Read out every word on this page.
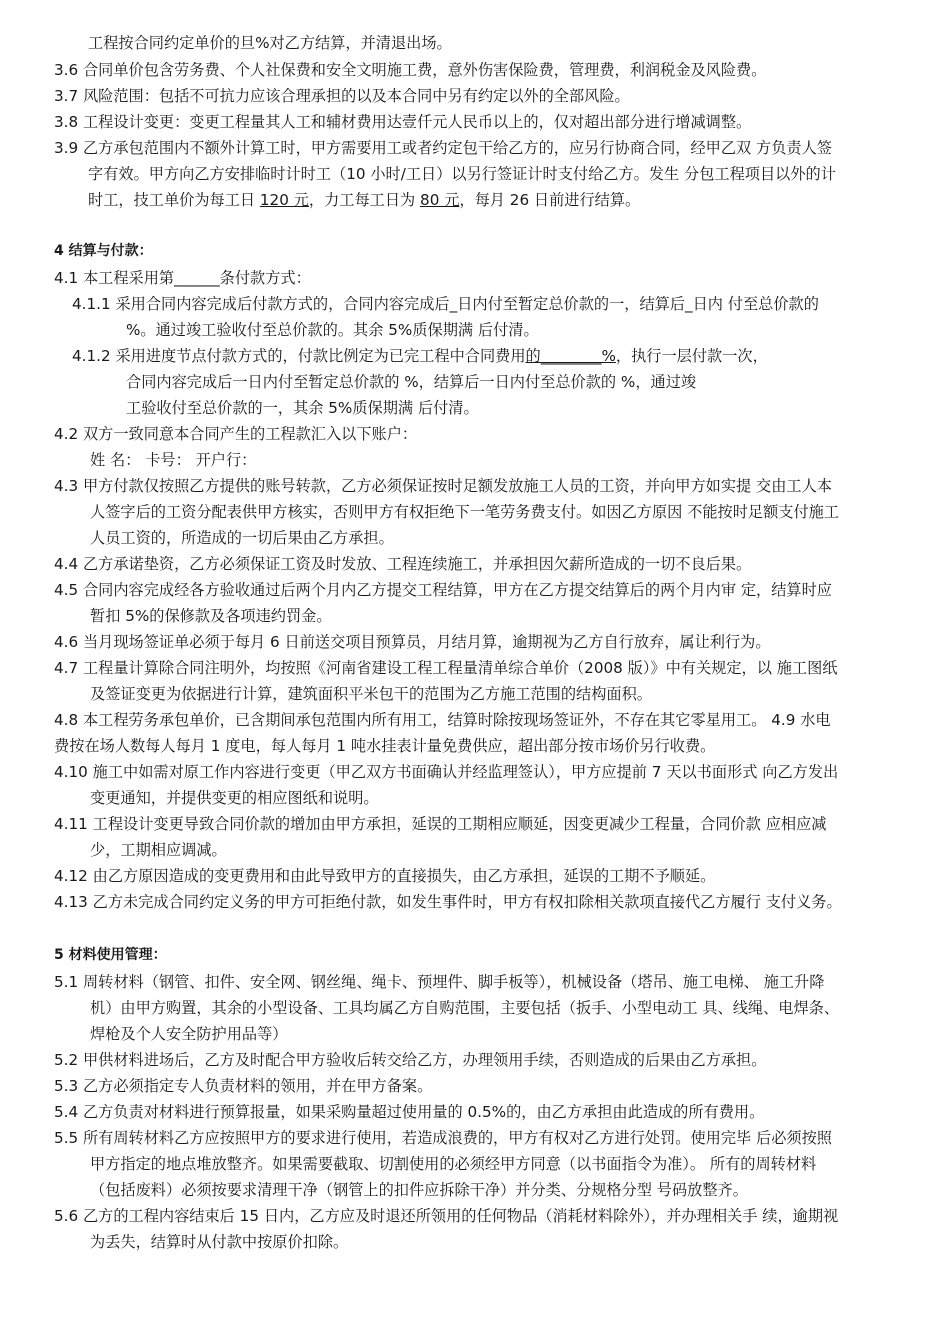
工程按合同约定单价的旦%对乙方结算，并清退出场。
3.6 合同单价包含劳务费、个人社保费和安全文明施工费，意外伤害保险费，管理费，利润税金及风险费。
3.7 风险范围：包括不可抗力应该合理承担的以及本合同中另有约定以外的全部风险。
3.8 工程设计变更：变更工程量其人工和辅材费用达壹仟元人民币以上的，仅对超出部分进行增减调整。
3.9 乙方承包范围内不额外计算工时，甲方需要用工或者约定包干给乙方的，应另行协商合同，经甲乙双 方负责人签
字有效。甲方向乙方安排临时计时工（10 小时/工日）以另行签证计时支付给乙方。发生 分包工程项目以外的计
时工，技工单价为每工日 120 元，力工每工日为 80 元，每月 26 日前进行结算。
4 结算与付款：
4.1 本工程采用第______条付款方式：
4.1.1 采用合同内容完成后付款方式的，合同内容完成后_日内付至暂定总价款的一，结算后_日内 付至总价款的
%。通过竣工验收付至总价款的。其余 5%质保期满 后付清。
4.1.2 采用进度节点付款方式的，付款比例定为已完工程中合同费用的________%，执行一层付款一次，
合同内容完成后一日内付至暂定总价款的 %，结算后一日内付至总价款的 %，通过竣
工验收付至总价款的一，其余 5%质保期满 后付清。
4.2 双方一致同意本合同产生的工程款汇入以下账户：
姓 名： 卡号： 开户行：
4.3 甲方付款仅按照乙方提供的账号转款，乙方必须保证按时足额发放施工人员的工资，并向甲方如实提 交由工人本
人签字后的工资分配表供甲方核实，否则甲方有权拒绝下一笔劳务费支付。如因乙方原因 不能按时足额支付施工
人员工资的，所造成的一切后果由乙方承担。
4.4 乙方承诺垫资，乙方必须保证工资及时发放、工程连续施工，并承担因欠薪所造成的一切不良后果。
4.5 合同内容完成经各方验收通过后两个月内乙方提交工程结算，甲方在乙方提交结算后的两个月内审 定，结算时应
暂扣 5%的保修款及各项违约罚金。
4.6 当月现场签证单必须于每月 6 日前送交项目预算员，月结月算，逾期视为乙方自行放弃，属让利行为。
4.7 工程量计算除合同注明外，均按照《河南省建设工程工程量清单综合单价（2008 版）》中有关规定，以 施工图纸
及签证变更为依据进行计算，建筑面积平米包干的范围为乙方施工范围的结构面积。
4.8 本工程劳务承包单价，已含期间承包范围内所有用工，结算时除按现场签证外，不存在其它零星用工。 4.9 水电
费按在场人数每人每月 1 度电，每人每月 1 吨水挂表计量免费供应，超出部分按市场价另行收费。
4.10 施工中如需对原工作内容进行变更（甲乙双方书面确认并经监理签认），甲方应提前 7 天以书面形式 向乙方发出
变更通知，并提供变更的相应图纸和说明。
4.11 工程设计变更导致合同价款的增加由甲方承担，延误的工期相应顺延，因变更减少工程量，合同价款 应相应减
少，工期相应调减。
4.12 由乙方原因造成的变更费用和由此导致甲方的直接损失，由乙方承担，延误的工期不予顺延。
4.13 乙方未完成合同约定义务的甲方可拒绝付款，如发生事件时，甲方有权扣除相关款项直接代乙方履行 支付义务。
5 材料使用管理：
5.1 周转材料（钢管、扣件、安全网、钢丝绳、绳卡、预埋件、脚手板等），机械设备（塔吊、施工电梯、 施工升降
机）由甲方购置，其余的小型设备、工具均属乙方自购范围，主要包括（扳手、小型电动工 具、线绳、电焊条、
焊枪及个人安全防护用品等）
5.2 甲供材料进场后，乙方及时配合甲方验收后转交给乙方，办理领用手续，否则造成的后果由乙方承担。
5.3 乙方必须指定专人负责材料的领用，并在甲方备案。
5.4 乙方负责对材料进行预算报量，如果采购量超过使用量的 0.5%的，由乙方承担由此造成的所有费用。
5.5 所有周转材料乙方应按照甲方的要求进行使用，若造成浪费的，甲方有权对乙方进行处罚。使用完毕 后必须按照
甲方指定的地点堆放整齐。如果需要截取、切割使用的必须经甲方同意（以书面指令为准）。 所有的周转材料
（包括废料）必须按要求清理干净（钢管上的扣件应拆除干净）并分类、分规格分型 号码放整齐。
5.6 乙方的工程内容结束后 15 日内，乙方应及时退还所领用的任何物品（消耗材料除外），并办理相关手 续，逾期视
为丢失，结算时从付款中按原价扣除。
